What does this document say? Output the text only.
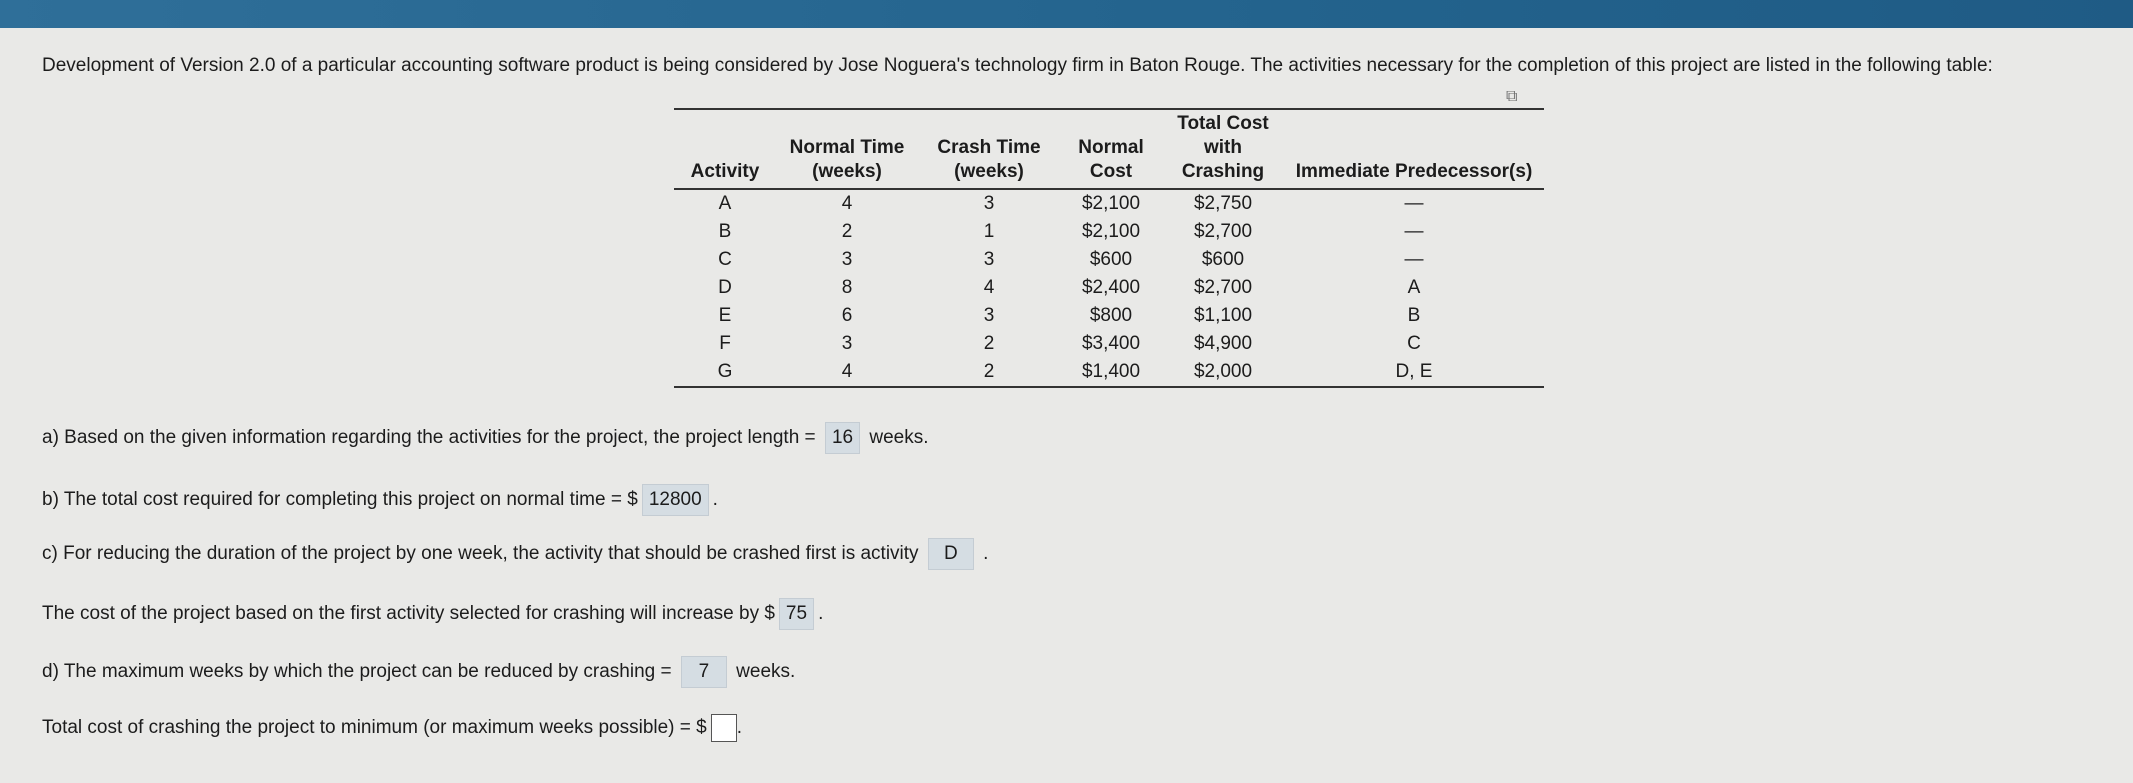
Development of Version 2.0 of a particular accounting software product is being considered by Jose Noguera's technology firm in Baton Rouge. The activities necessary for the completion of this project are listed in the following table:
⧉
Activity	Normal Time (weeks)	Crash Time (weeks)	Normal Cost	Total Cost with Crashing	Immediate Predecessor(s)
A	4	3	$2,100	$2,750	—
B	2	1	$2,100	$2,700	—
C	3	3	$600	$600	—
D	8	4	$2,400	$2,700	A
E	6	3	$800	$1,100	B
F	3	2	$3,400	$4,900	C
G	4	2	$1,400	$2,000	D, E
a) Based on the given information regarding the activities for the project, the project length = 16 weeks.
b) The total cost required for completing this project on normal time = $ 12800 .
c) For reducing the duration of the project by one week, the activity that should be crashed first is activity D .
The cost of the project based on the first activity selected for crashing will increase by $ 75 .
d) The maximum weeks by which the project can be reduced by crashing = 7 weeks.
Total cost of crashing the project to minimum (or maximum weeks possible) = $ .
